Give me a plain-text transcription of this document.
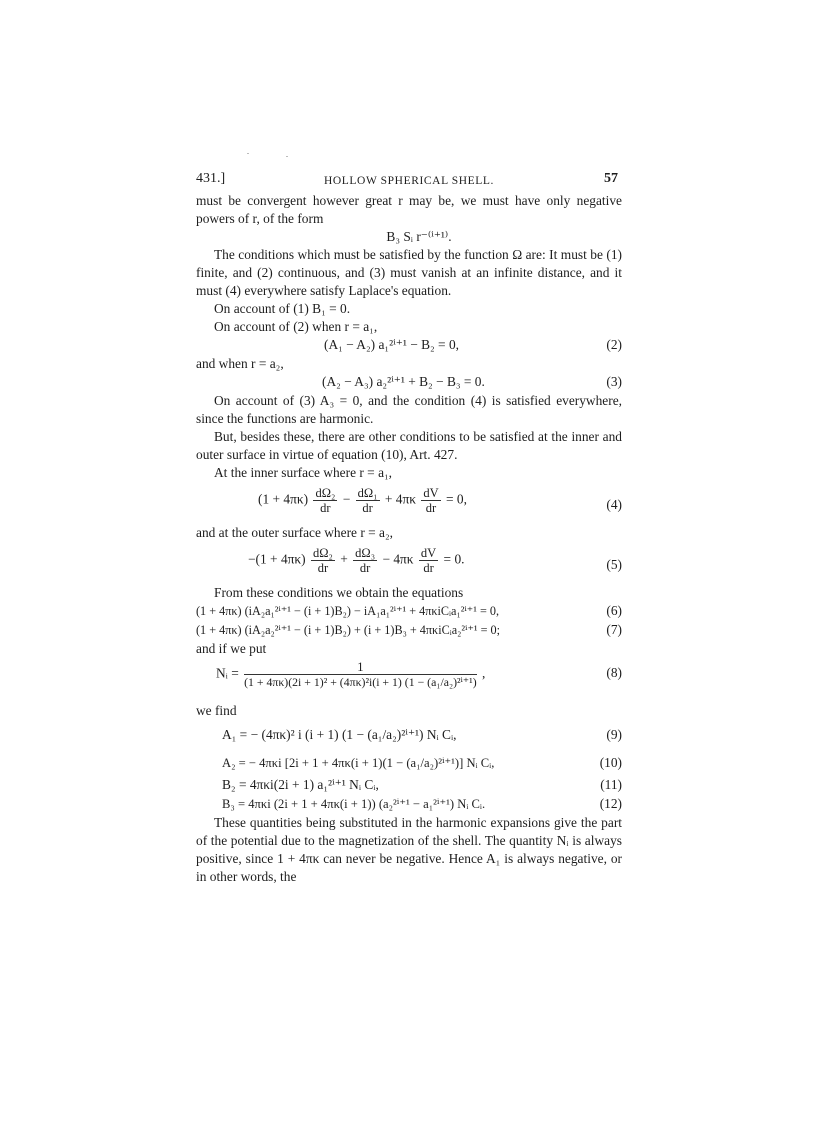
431.]	HOLLOW SPHERICAL SHELL.	57

must be convergent however great r may be, we must have only negative powers of r, of the form

B₃ Sᵢ r⁻⁽ⁱ⁺¹⁾.

The conditions which must be satisfied by the function Ω are: It must be (1) finite, and (2) continuous, and (3) must vanish at an infinite distance, and it must (4) everywhere satisfy Laplace's equation.

On account of (1) B₁ = 0.

On account of (2) when r = a₁,

(A₁ − A₂) a₁²ⁱ⁺¹ − B₂ = 0,	(2)

and when r = a₂,

(A₂ − A₃) a₂²ⁱ⁺¹ + B₂ − B₃ = 0.	(3)

On account of (3) A₃ = 0, and the condition (4) is satisfied everywhere, since the functions are harmonic.

But, besides these, there are other conditions to be satisfied at the inner and outer surface in virtue of equation (10), Art. 427.

At the inner surface where r = a₁,

$(1 + 4\pi\kappa) \frac{\text{dΩ₂}}{dr} - \frac{\text{dΩ₁}}{dr} + 4\pi\kappa \frac{dV}{dr} = 0$,	(4)

and at the outer surface where r = a₂,

$-(1 + 4\pi\kappa) \frac{\text{dΩ₂}}{dr} + \frac{\text{dΩ₃}}{dr} - 4\pi\kappa \frac{dV}{dr} = 0$.	(5)

From these conditions we obtain the equations

(1 + 4πκ) (iA₂a₁²ⁱ⁺¹ − (i + 1)B₂) − iA₁a₁²ⁱ⁺¹ + 4πκiCᵢa₁²ⁱ⁺¹ = 0,	(6)
(1 + 4πκ) (iA₂a₂²ⁱ⁺¹ − (i + 1)B₂) + (i + 1)B₃ + 4πκiCᵢa₂²ⁱ⁺¹ = 0;	(7)

and if we put

Nᵢ = $\frac{1}{\text{(1 + 4πκ)(2i + 1)² + (4πκ)²i(i + 1) (1 − (a₁/a₂)²ⁱ⁺¹)}}$ ,	(8)

we find

A₁ = − (4πκ)² i (i + 1) (1 − (a₁/a₂)²ⁱ⁺¹) Nᵢ Cᵢ,	(9)
A₂ = − 4πκi [2i + 1 + 4πκ(i + 1)(1 − (a₁/a₂)²ⁱ⁺¹)] Nᵢ Cᵢ,	(10)
B₂ = 4πκi(2i + 1) a₁²ⁱ⁺¹ Nᵢ Cᵢ,	(11)
B₃ = 4πκi (2i + 1 + 4πκ(i + 1)) (a₂²ⁱ⁺¹ − a₁²ⁱ⁺¹) Nᵢ Cᵢ.	(12)

These quantities being substituted in the harmonic expansions give the part of the potential due to the magnetization of the shell. The quantity Nᵢ is always positive, since 1 + 4πκ can never be negative. Hence A₁ is always negative, or in other words, the
